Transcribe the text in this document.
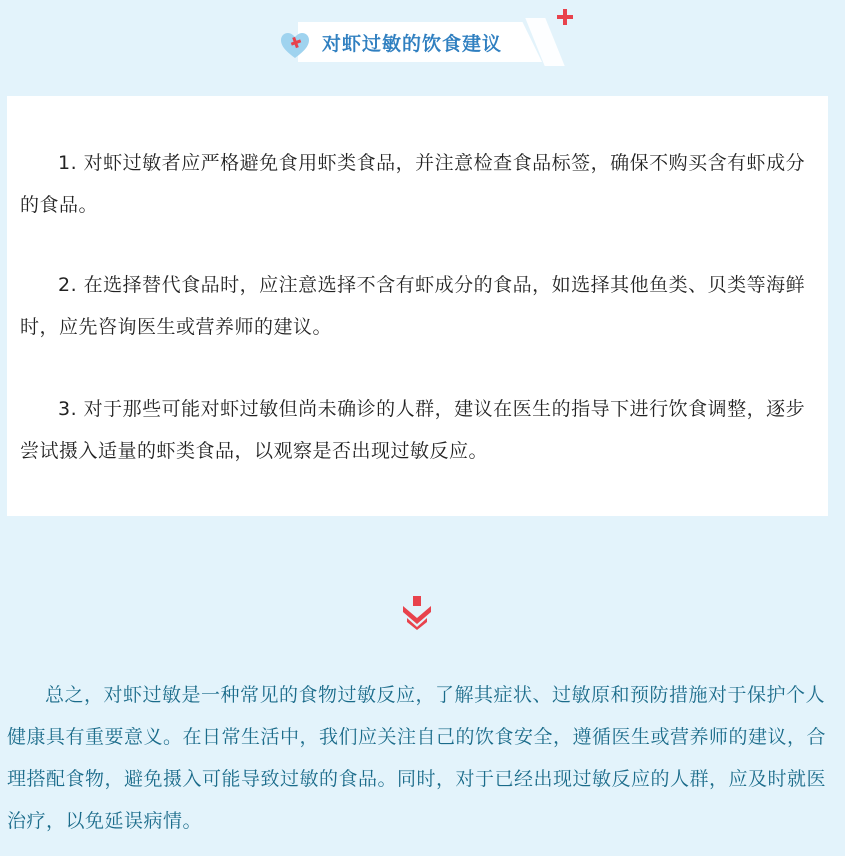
对虾过敏的饮食建议

1. 对虾过敏者应严格避免食用虾类食品，并注意检查食品标签，确保不购买含有虾成分的食品。

2. 在选择替代食品时，应注意选择不含有虾成分的食品，如选择其他鱼类、贝类等海鲜时，应先咨询医生或营养师的建议。

3. 对于那些可能对虾过敏但尚未确诊的人群，建议在医生的指导下进行饮食调整，逐步尝试摄入适量的虾类食品，以观察是否出现过敏反应。

总之，对虾过敏是一种常见的食物过敏反应，了解其症状、过敏原和预防措施对于保护个人健康具有重要意义。在日常生活中，我们应关注自己的饮食安全，遵循医生或营养师的建议，合理搭配食物，避免摄入可能导致过敏的食品。同时，对于已经出现过敏反应的人群，应及时就医治疗，以免延误病情。
